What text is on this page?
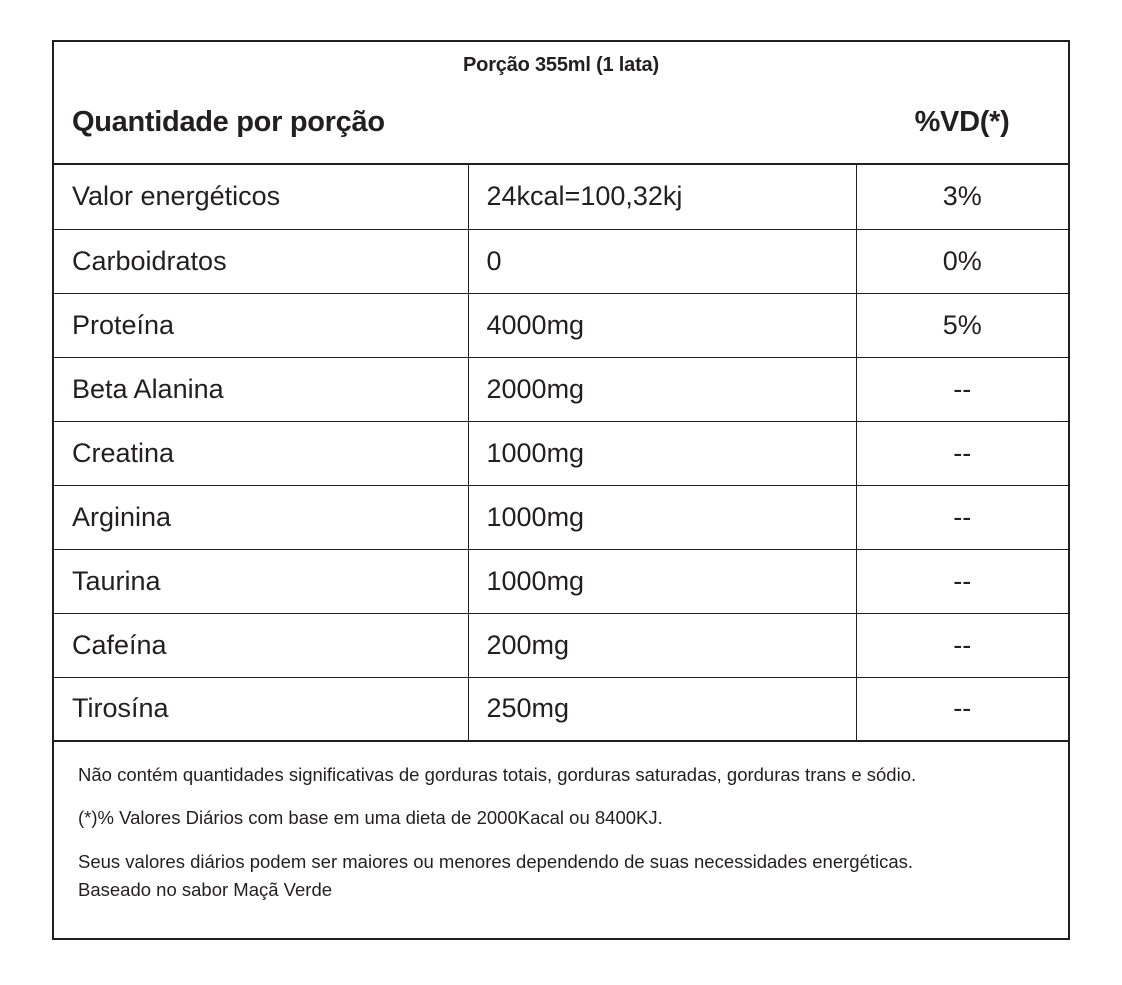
Porção 355ml (1 lata)
Quantidade por porção	%VD(*)
Valor energéticos	24kcal=100,32kj	3%
Carboidratos	0	0%
Proteína	4000mg	5%
Beta Alanina	2000mg	--
Creatina	1000mg	--
Arginina	1000mg	--
Taurina	1000mg	--
Cafeína	200mg	--
Tirosína	250mg	--

Não contém quantidades significativas de gorduras totais, gorduras saturadas, gorduras trans e sódio.

(*)% Valores Diários com base em uma dieta de 2000Kacal ou 8400KJ.

Seus valores diários podem ser maiores ou menores dependendo de suas necessidades energéticas.

Baseado no sabor Maçã Verde
